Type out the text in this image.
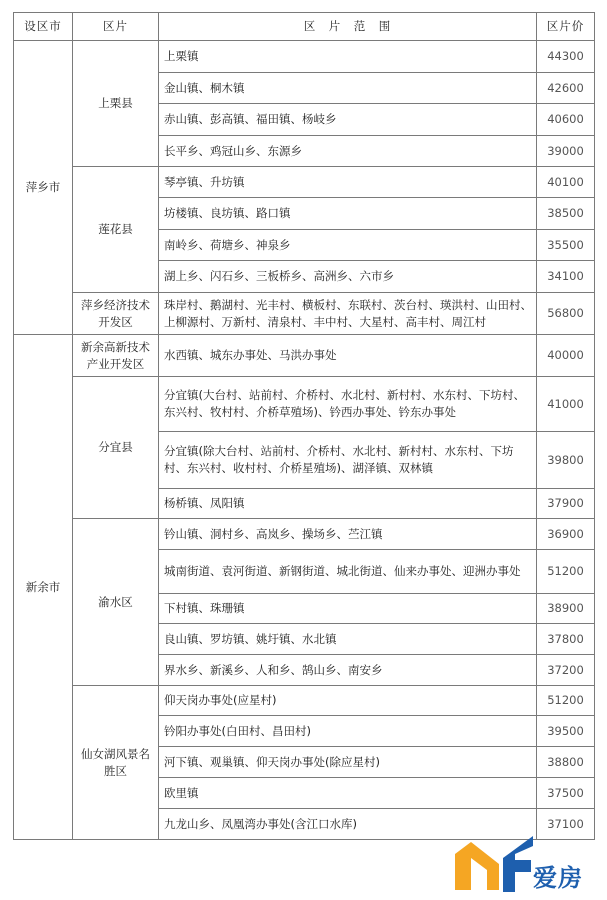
设区市	区片	区　片　范　围	区片价
萍乡市	上栗县	上栗镇	44300
		金山镇、桐木镇	42600
		赤山镇、彭高镇、福田镇、杨岐乡	40600
		长平乡、鸡冠山乡、东源乡	39000
	莲花县	琴亭镇、升坊镇	40100
		坊楼镇、良坊镇、路口镇	38500
		南岭乡、荷塘乡、神泉乡	35500
		湖上乡、闪石乡、三板桥乡、高洲乡、六市乡	34100
	萍乡经济技术开发区	珠岸村、鹅湖村、光丰村、横板村、东联村、茨台村、瑛洪村、山田村、上柳源村、万新村、清泉村、丰中村、大星村、高丰村、周江村	56800
新余市	新余高新技术产业开发区	水西镇、城东办事处、马洪办事处	40000
	分宜县	分宜镇(大台村、站前村、介桥村、水北村、新村村、水东村、下坊村、东兴村、牧村村、介桥草殖场)、钤西办事处、钤东办事处	41000
		分宜镇(除大台村、站前村、介桥村、水北村、新村村、水东村、下坊村、东兴村、收村村、介桥星殖场)、湖泽镇、双林镇	39800
		杨桥镇、凤阳镇	37900
	渝水区	钤山镇、洞村乡、高岚乡、操场乡、苎江镇	36900
		城南街道、袁河街道、新钢街道、城北街道、仙来办事处、迎洲办事处	51200
		下村镇、珠珊镇	38900
		良山镇、罗坊镇、姚圩镇、水北镇	37800
		界水乡、新溪乡、人和乡、鹄山乡、南安乡	37200
	仙女湖风景名胜区	仰天岗办事处(应星村)	51200
		钤阳办事处(白田村、昌田村)	39500
		河下镇、观巢镇、仰天岗办事处(除应星村)	38800
		欧里镇	37500
		九龙山乡、凤凰湾办事处(含江口水库)	37100
爱房
